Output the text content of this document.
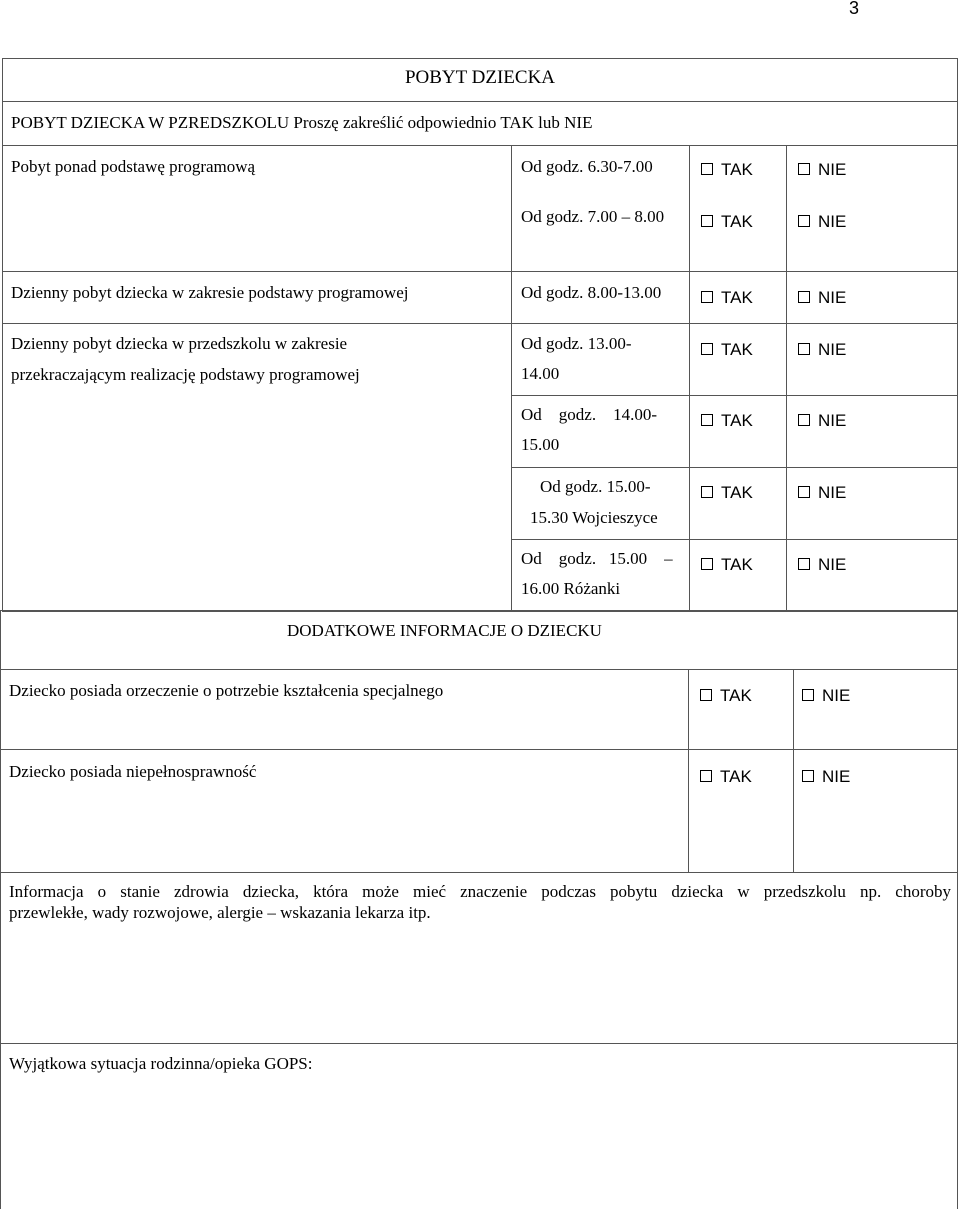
3
POBYT DZIECKA
POBYT DZIECKA W PZREDSZKOLU Proszę zakreślić odpowiednio TAK lub NIE
Pobyt ponad podstawę programową	Od godz. 6.30-7.00	TAK	NIE
Od godz. 7.00 – 8.00	TAK	NIE
Dzienny pobyt dziecka w zakresie podstawy programowej	Od godz. 8.00-13.00	TAK	NIE
Dzienny pobyt dziecka w przedszkolu w zakresie
przekraczającym realizację podstawy programowej
Od godz. 13.00-
14.00
TAK	NIE
Od    godz.    14.00-
15.00
TAK	NIE
Od godz. 15.00-
15.30 Wojcieszyce
TAK	NIE
Od    godz.   15.00    –
16.00 Różanki
TAK	NIE
DODATKOWE INFORMACJE O DZIECKU
Dziecko posiada orzeczenie o potrzebie kształcenia specjalnego	TAK	NIE
Dziecko posiada niepełnosprawność	TAK	NIE
Informacja o stanie zdrowia dziecka, która może mieć znaczenie podczas pobytu dziecka w przedszkolu np. choroby
przewlekłe, wady rozwojowe, alergie – wskazania lekarza itp.
Wyjątkowa sytuacja rodzinna/opieka GOPS:
